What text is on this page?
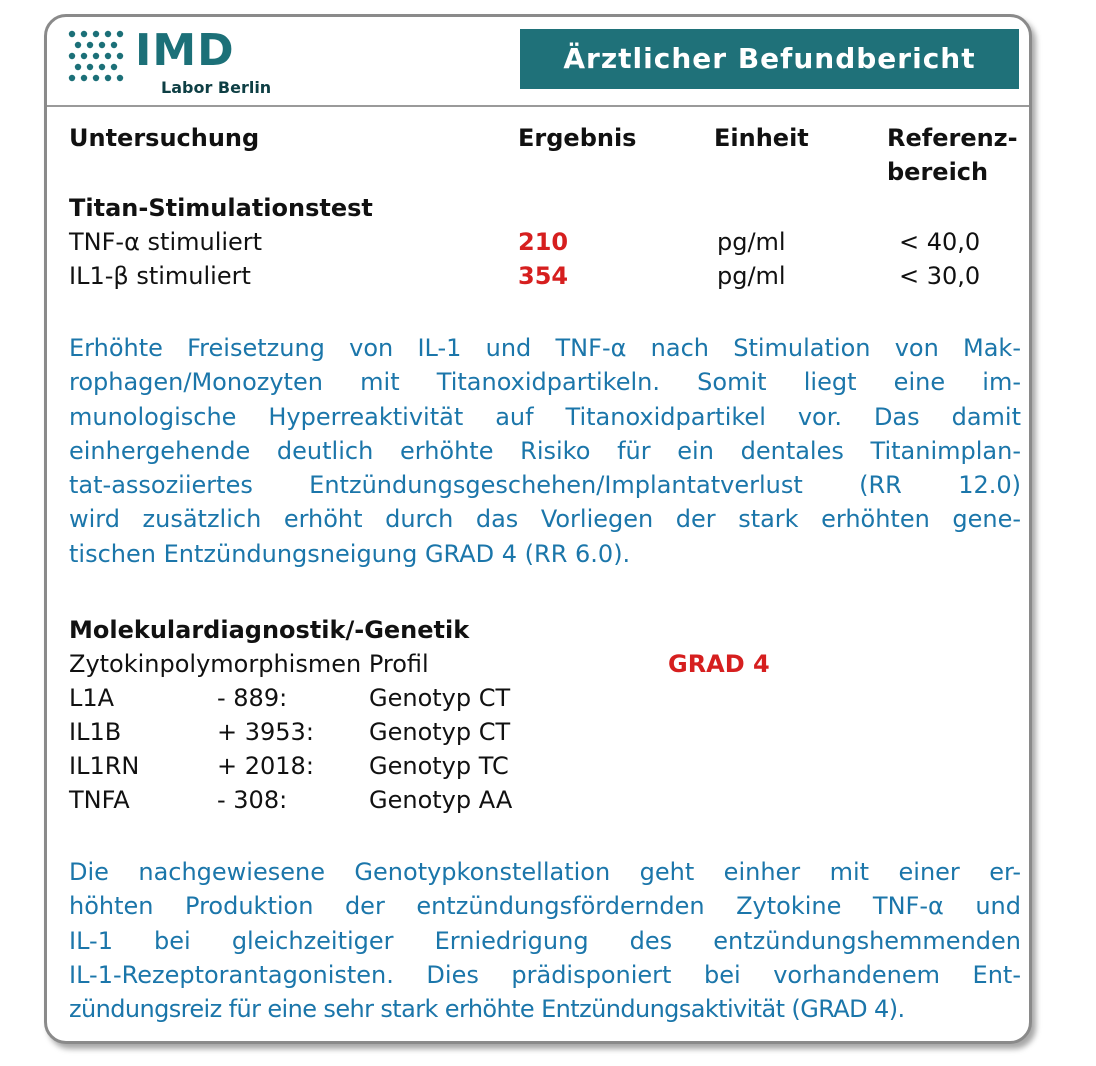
IMD
Labor Berlin
Ärztlicher Befundbericht
Untersuchung	Ergebnis	Einheit	Referenz-
bereich
Titan-Stimulationstest
TNF-α stimuliert	210	pg/ml	< 40,0
IL1-β stimuliert	354	pg/ml	< 30,0
Erhöhte Freisetzung von IL-1 und TNF-α nach Stimulation von Mak-
rophagen/Monozyten mit Titanoxidpartikeln. Somit liegt eine im-
munologische Hyperreaktivität auf Titanoxidpartikel vor. Das damit
einhergehende deutlich erhöhte Risiko für ein dentales Titanimplan-
tat-assoziiertes Entzündungsgeschehen/Implantatverlust (RR 12.0)
wird zusätzlich erhöht durch das Vorliegen der stark erhöhten gene-
tischen Entzündungsneigung GRAD 4 (RR 6.0).
Molekulardiagnostik/-Genetik
Zytokinpolymorphismen Profil	GRAD 4
L1A	- 889:	Genotyp CT
IL1B	+ 3953: Genotyp CT
IL1RN	+ 2018: Genotyp TC
TNFA	- 308:	Genotyp AA
Die nachgewiesene Genotypkonstellation geht einher mit einer er-
höhten Produktion der entzündungsfördernden Zytokine TNF-α und
IL-1 bei gleichzeitiger Erniedrigung des entzündungshemmenden
IL-1-Rezeptorantagonisten. Dies prädisponiert bei vorhandenem Ent-
zündungsreiz für eine sehr stark erhöhte Entzündungsaktivität (GRAD 4).
